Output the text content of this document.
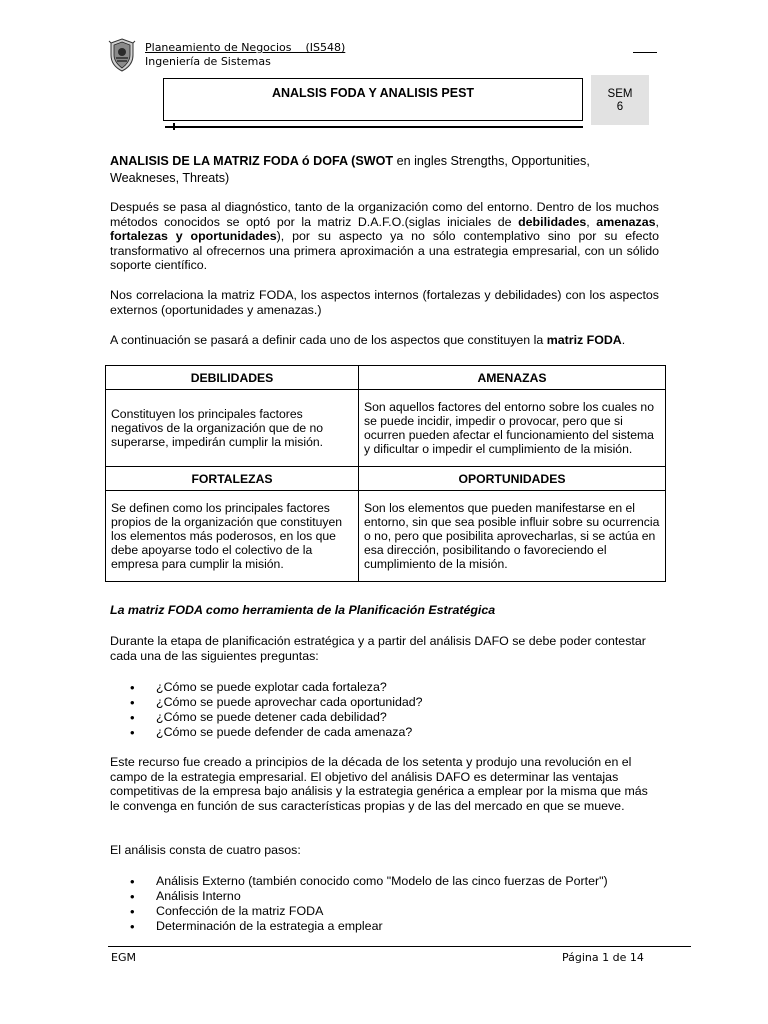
Planeamiento de Negocios    (IS548)
Ingeniería de Sistemas
ANALSIS FODA Y ANALISIS PEST	SEM
6

ANALISIS DE LA MATRIZ FODA ó DOFA (SWOT en ingles Strengths, Opportunities, Weakneses, Threats)

Después se pasa al diagnóstico, tanto de la organización como del entorno. Dentro de los muchos métodos conocidos se optó por la matriz D.A.F.O.(siglas iniciales de debilidades, amenazas, fortalezas y oportunidades), por su aspecto ya no sólo contemplativo sino por su efecto transformativo al ofrecernos una primera aproximación a una estrategia empresarial, con un sólido soporte científico.

Nos correlaciona la matriz FODA, los aspectos internos (fortalezas y debilidades) con los aspectos externos (oportunidades y amenazas.)

A continuación se pasará a definir cada uno de los aspectos que constituyen la matriz FODA.

DEBILIDADES	AMENAZAS
Constituyen los principales factores negativos de la organización que de no superarse, impedirán cumplir la misión.	Son aquellos factores del entorno sobre los cuales no se puede incidir, impedir o provocar, pero que si ocurren pueden afectar el funcionamiento del sistema y dificultar o impedir el cumplimiento de la misión.
FORTALEZAS	OPORTUNIDADES
Se definen como los principales factores propios de la organización que constituyen los elementos más poderosos, en los que debe apoyarse todo el colectivo de la empresa para cumplir la misión.	Son los elementos que pueden manifestarse en el entorno, sin que sea posible influir sobre su ocurrencia o no, pero que posibilita aprovecharlas, si se actúa en esa dirección, posibilitando o favoreciendo el cumplimiento de la misión.

La matriz FODA como herramienta de la Planificación Estratégica

Durante la etapa de planificación estratégica y a partir del análisis DAFO se debe poder contestar cada una de las siguientes preguntas:

• ¿Cómo se puede explotar cada fortaleza?
• ¿Cómo se puede aprovechar cada oportunidad?
• ¿Cómo se puede detener cada debilidad?
• ¿Cómo se puede defender de cada amenaza?

Este recurso fue creado a principios de la década de los setenta y produjo una revolución en el campo de la estrategia empresarial. El objetivo del análisis DAFO es determinar las ventajas competitivas de la empresa bajo análisis y la estrategia genérica a emplear por la misma que más le convenga en función de sus características propias y de las del mercado en que se mueve.

El análisis consta de cuatro pasos:

• Análisis Externo (también conocido como "Modelo de las cinco fuerzas de Porter")
• Análisis Interno
• Confección de la matriz FODA
• Determinación de la estrategia a emplear
EGM	Página 1 de 14
